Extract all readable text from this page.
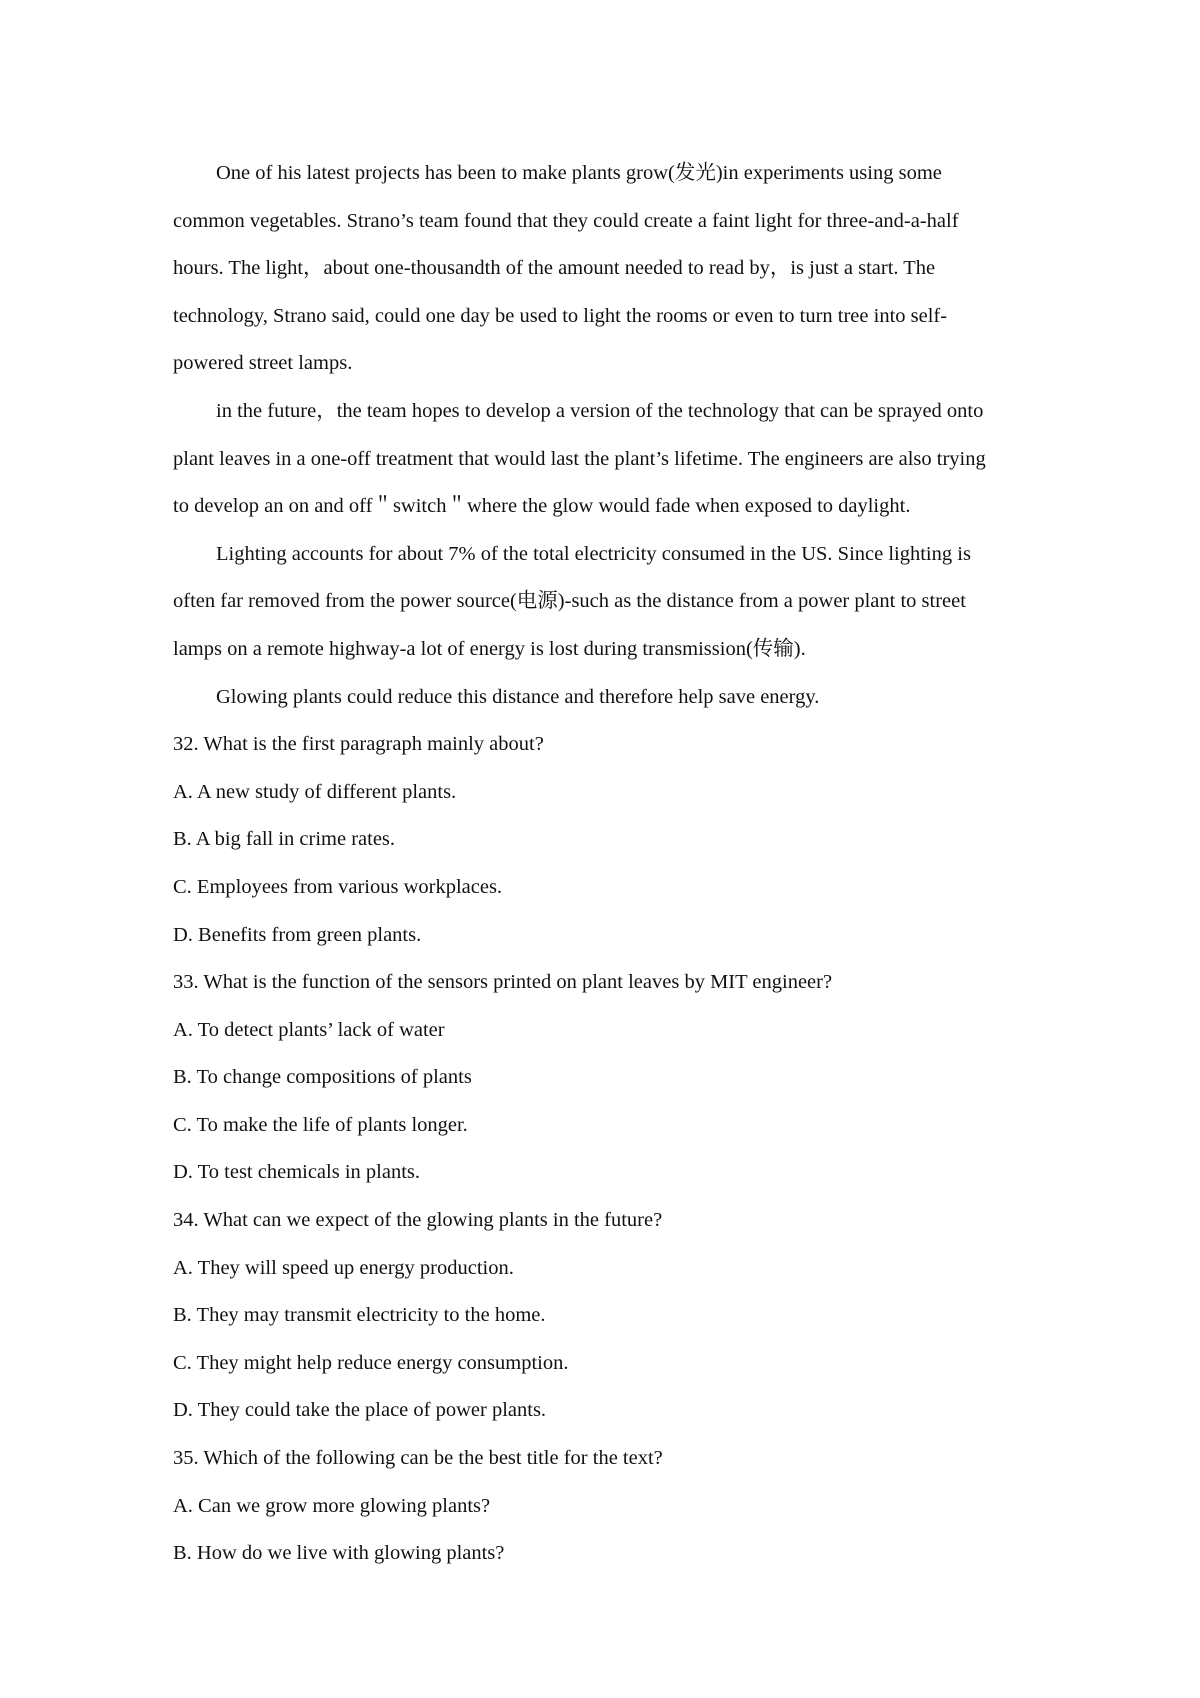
One of his latest projects has been to make plants grow(发光)in experiments using some

common vegetables. Strano’s team found that they could create a faint light for three-and-a-half

hours. The light，about one-thousandth of the amount needed to read by，is just a start. The

technology, Strano said, could one day be used to light the rooms or even to turn tree into self-

powered street lamps.

in the future，the team hopes to develop a version of the technology that can be sprayed onto

plant leaves in a one-off treatment that would last the plant’s lifetime. The engineers are also trying

to develop an on and off＂switch＂where the glow would fade when exposed to daylight.

Lighting accounts for about 7% of the total electricity consumed in the US. Since lighting is

often far removed from the power source(电源)-such as the distance from a power plant to street

lamps on a remote highway-a lot of energy is lost during transmission(传输).

Glowing plants could reduce this distance and therefore help save energy.

32. What is the first paragraph mainly about?

A. A new study of different plants.

B. A big fall in crime rates.

C. Employees from various workplaces.

D. Benefits from green plants.

33. What is the function of the sensors printed on plant leaves by MIT engineer?

A. To detect plants’ lack of water

B. To change compositions of plants

C. To make the life of plants longer.

D. To test chemicals in plants.

34. What can we expect of the glowing plants in the future?

A. They will speed up energy production.

B. They may transmit electricity to the home.

C. They might help reduce energy consumption.

D. They could take the place of power plants.

35. Which of the following can be the best title for the text?

A. Can we grow more glowing plants?

B. How do we live with glowing plants?
